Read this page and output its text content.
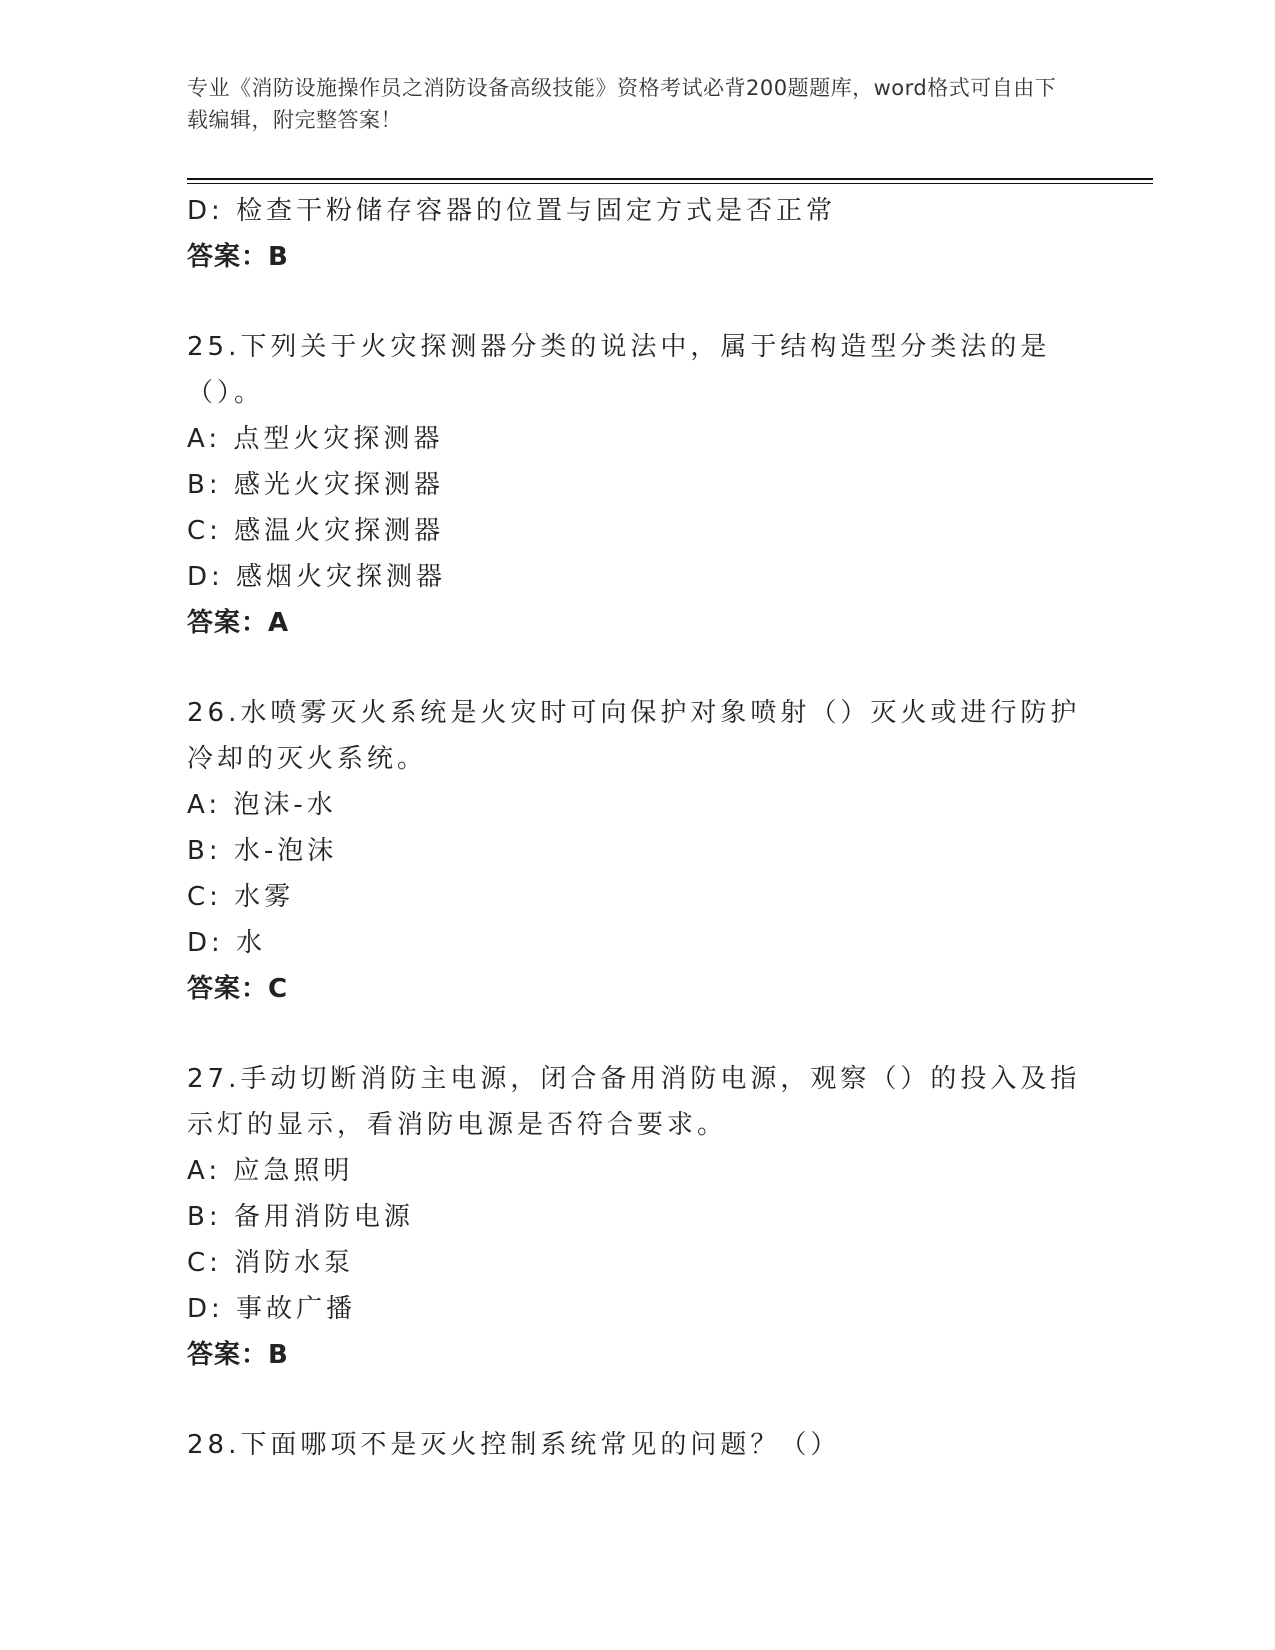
专业《消防设施操作员之消防设备高级技能》资格考试必背200题题库，word格式可自由下载编辑，附完整答案！
D: 检查干粉储存容器的位置与固定方式是否正常
答案：B
25.下列关于火灾探测器分类的说法中，属于结构造型分类法的是（）。
A: 点型火灾探测器
B: 感光火灾探测器
C: 感温火灾探测器
D: 感烟火灾探测器
答案：A
26.水喷雾灭火系统是火灾时可向保护对象喷射（）灭火或进行防护冷却的灭火系统。
A: 泡沫-水
B: 水-泡沫
C: 水雾
D: 水
答案：C
27.手动切断消防主电源，闭合备用消防电源，观察（）的投入及指示灯的显示，看消防电源是否符合要求。
A: 应急照明
B: 备用消防电源
C: 消防水泵
D: 事故广播
答案：B
28.下面哪项不是灭火控制系统常见的问题？（）
